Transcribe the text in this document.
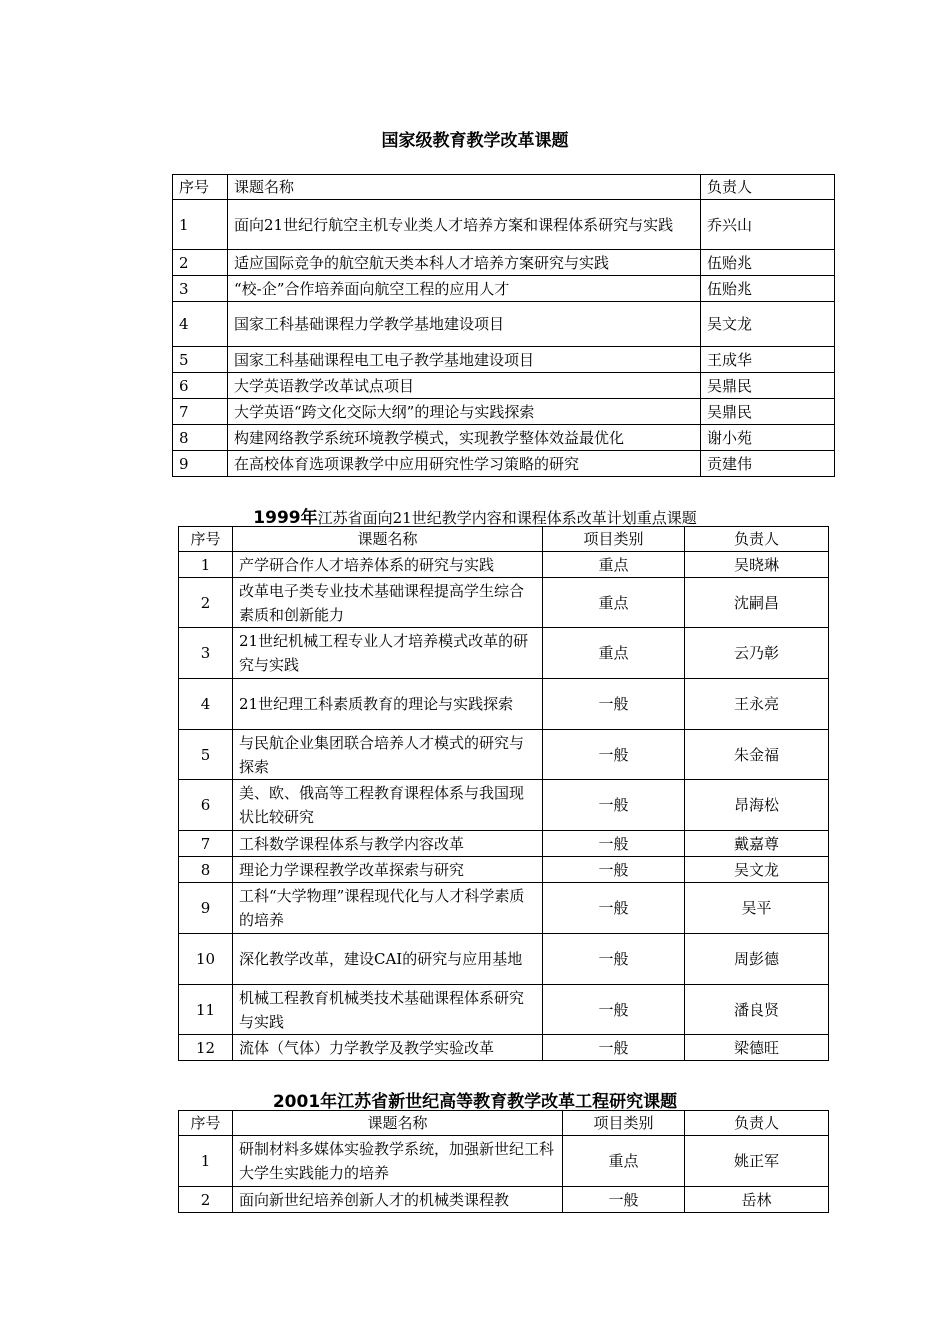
国家级教育教学改革课题
序号	课题名称	负责人
1	面向21世纪行航空主机专业类人才培养方案和课程体系研究与实践	乔兴山
2	适应国际竞争的航空航天类本科人才培养方案研究与实践	伍贻兆
3	“校-企”合作培养面向航空工程的应用人才	伍贻兆
4	国家工科基础课程力学教学基地建设项目	吴文龙
5	国家工科基础课程电工电子教学基地建设项目	王成华
6	大学英语教学改革试点项目	吴鼎民
7	大学英语“跨文化交际大纲”的理论与实践探索	吴鼎民
8	构建网络教学系统环境教学模式，实现教学整体效益最优化	谢小苑
9	在高校体育选项课教学中应用研究性学习策略的研究	贡建伟
1999年江苏省面向21世纪教学内容和课程体系改革计划重点课题
序号	课题名称	项目类别	负责人
1	产学研合作人才培养体系的研究与实践	重点	吴晓琳
2	改革电子类专业技术基础课程提高学生综合素质和创新能力	重点	沈嗣昌
3	21世纪机械工程专业人才培养模式改革的研究与实践	重点	云乃彰
4	21世纪理工科素质教育的理论与实践探索	一般	王永亮
5	与民航企业集团联合培养人才模式的研究与探索	一般	朱金福
6	美、欧、俄高等工程教育课程体系与我国现状比较研究	一般	昂海松
7	工科数学课程体系与教学内容改革	一般	戴嘉尊
8	理论力学课程教学改革探索与研究	一般	吴文龙
9	工科“大学物理”课程现代化与人才科学素质的培养	一般	吴平
10	深化教学改革，建设CAI的研究与应用基地	一般	周彭德
11	机械工程教育机械类技术基础课程体系研究与实践	一般	潘良贤
12	流体（气体）力学教学及教学实验改革	一般	梁德旺
2001年江苏省新世纪高等教育教学改革工程研究课题
序号	课题名称	项目类别	负责人
1	研制材料多媒体实验教学系统，加强新世纪工科大学生实践能力的培养	重点	姚正军
2	面向新世纪培养创新人才的机械类课程教	一般	岳林
